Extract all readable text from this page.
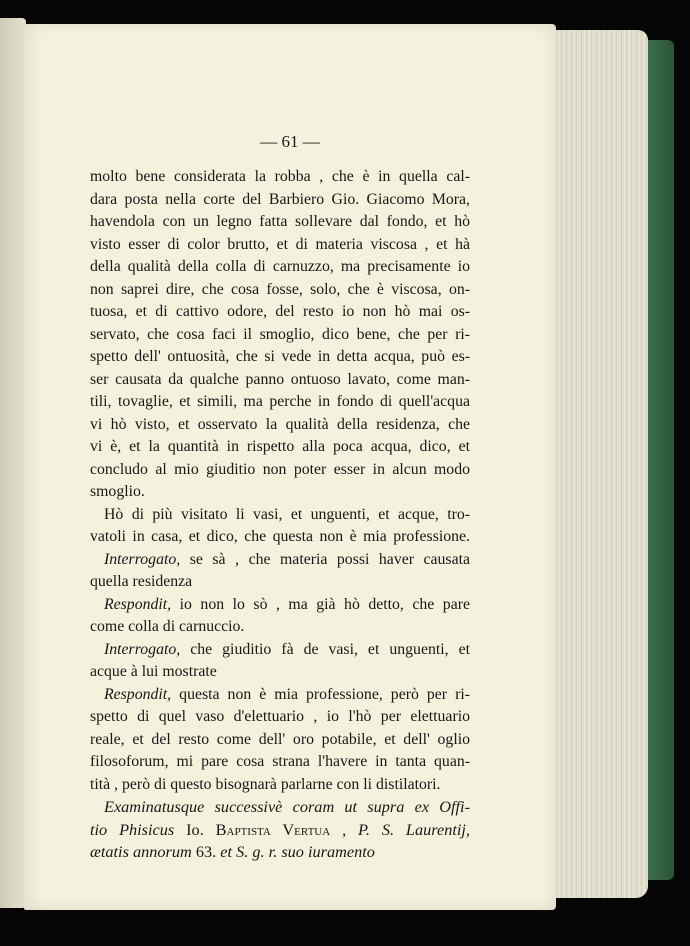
— 61 —
molto bene considerata la robba , che è in quella cal-
dara posta nella corte del Barbiero Gio. Giacomo Mora,
havendola con un legno fatta sollevare dal fondo, et hò
visto esser di color brutto, et di materia viscosa , et hà
della qualità della colla di carnuzzo, ma precisamente io
non saprei dire, che cosa fosse, solo, che è viscosa, on-
tuosa, et di cattivo odore, del resto io non hò mai os-
servato, che cosa faci il smoglio, dico bene, che per ri-
spetto dell' ontuosità, che si vede in detta acqua, può es-
ser causata da qualche panno ontuoso lavato, come man-
tili, tovaglie, et simili, ma perche in fondo di quell'acqua
vi hò visto, et osservato la qualità della residenza, che
vi è, et la quantità in rispetto alla poca acqua, dico, et
concludo al mio giuditio non poter esser in alcun modo
smoglio.
Hò di più visitato li vasi, et unguenti, et acque, tro-
vatoli in casa, et dico, che questa non è mia professione.
Interrogato, se sà , che materia possi haver causata
quella residenza
Respondit, io non lo sò , ma già hò detto, che pare
come colla di carnuccio.
Interrogato, che giuditio fà de vasi, et unguenti, et
acque à lui mostrate
Respondit, questa non è mia professione, però per ri-
spetto di quel vaso d'elettuario , io l'hò per elettuario
reale, et del resto come dell' oro potabile, et dell' oglio
filosoforum, mi pare cosa strana l'havere in tanta quan-
tità , però di questo bisognarà parlarne con li distilatori.
Examinatusque successivè coram ut supra ex Offi-
tio Phisicus Io. Baptista Vertua , P. S. Laurentij,
ætatis annorum 63. et S. g. r. suo iuramento
